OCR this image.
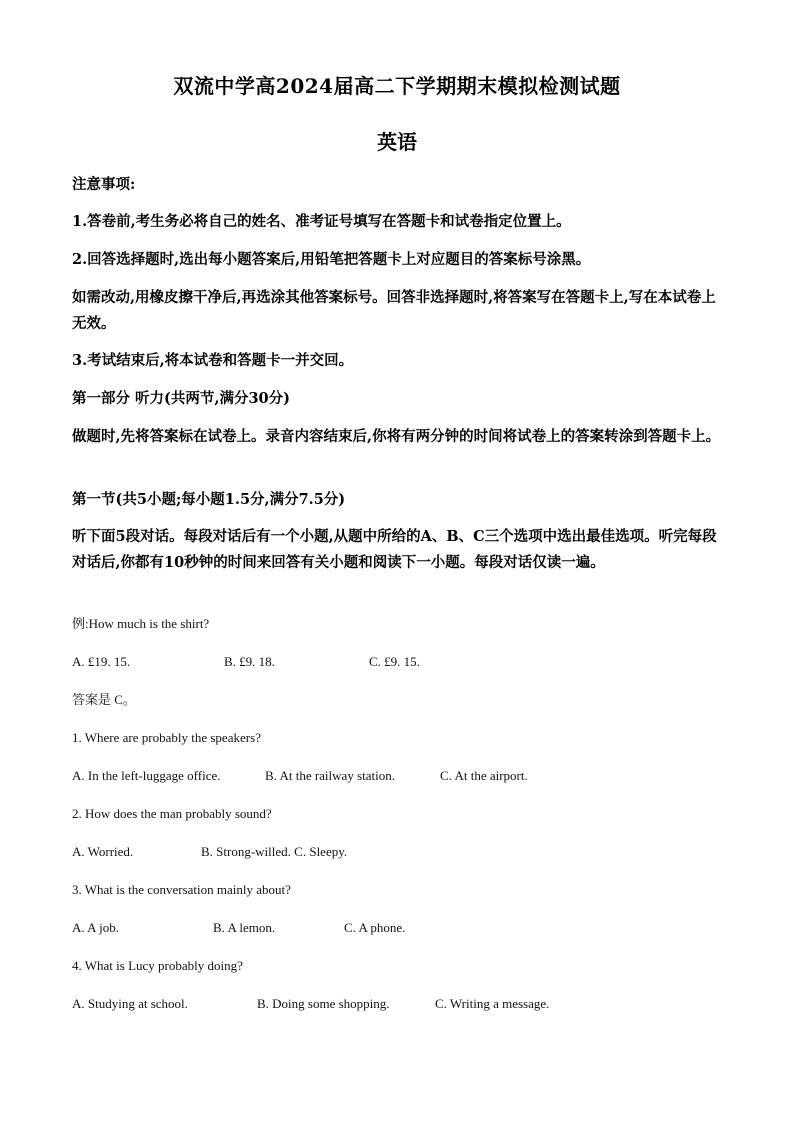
双流中学高2024届高二下学期期末模拟检测试题
英语
注意事项:
1.答卷前,考生务必将自己的姓名、准考证号填写在答题卡和试卷指定位置上。
2.回答选择题时,选出每小题答案后,用铅笔把答题卡上对应题目的答案标号涂黑。
如需改动,用橡皮擦干净后,再选涂其他答案标号。回答非选择题时,将答案写在答题卡上,写在本试卷上无效。
3.考试结束后,将本试卷和答题卡一并交回。
第一部分 听力(共两节,满分30分)
做题时,先将答案标在试卷上。录音内容结束后,你将有两分钟的时间将试卷上的答案转涂到答题卡上。
第一节(共5小题;每小题1.5分,满分7.5分)
听下面5段对话。每段对话后有一个小题,从题中所给的A、B、C三个选项中选出最佳选项。听完每段对话后,你都有10秒钟的时间来回答有关小题和阅读下一小题。每段对话仅读一遍。
例:How much is the shirt?
A. £19. 15.	B. £9. 18.	C. £9. 15.
答案是 C。
1. Where are probably the speakers?
A. In the left-luggage office.	B. At the railway station.	C. At the airport.
2. How does the man probably sound?
A. Worried.	B. Strong-willed. C. Sleepy.
3. What is the conversation mainly about?
A. A job.	B. A lemon.	C. A phone.
4. What is Lucy probably doing?
A. Studying at school.	B. Doing some shopping.	C. Writing a message.
